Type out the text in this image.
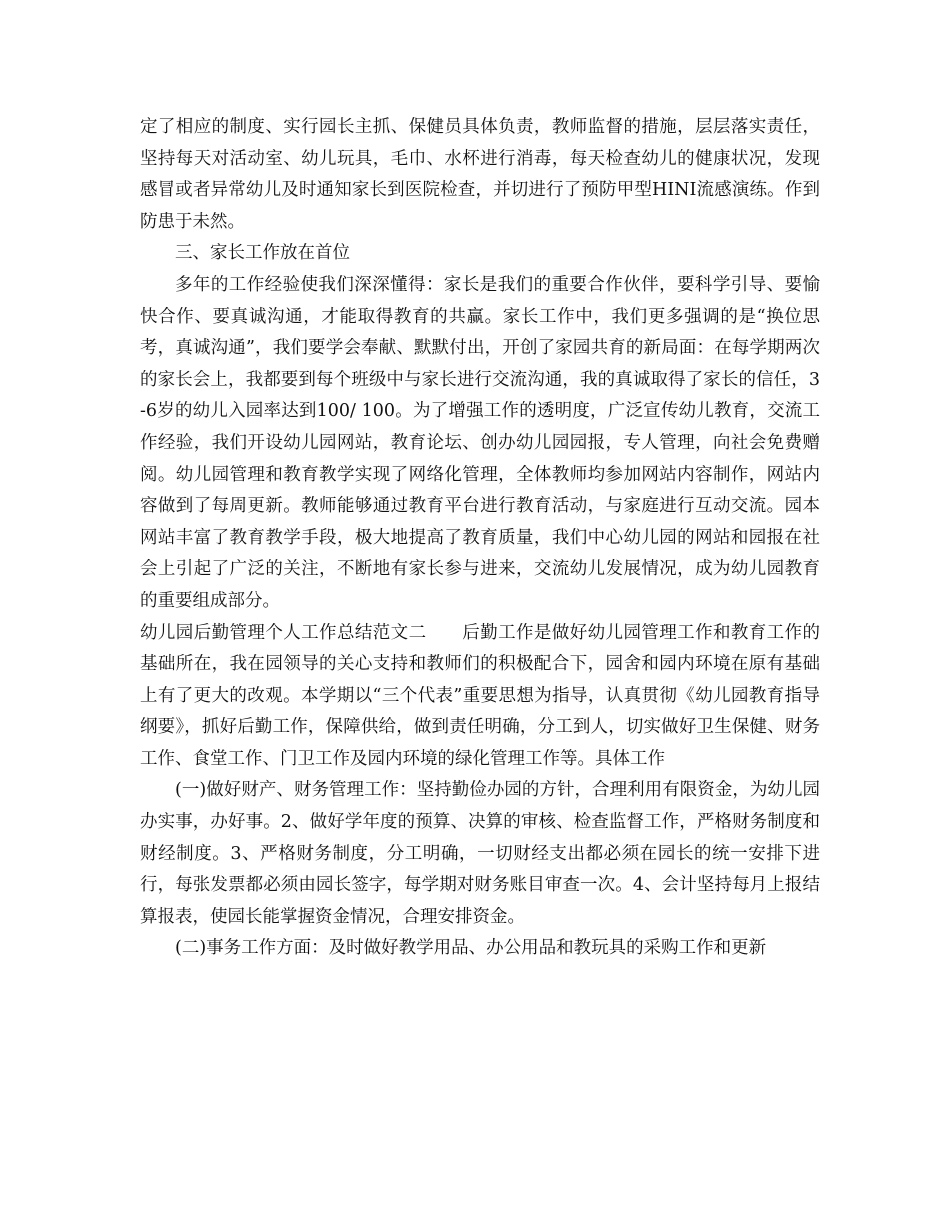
定了相应的制度、实行园长主抓、保健员具体负责，教师监督的措施，层层落实责任，坚持每天对活动室、幼儿玩具，毛巾、水杯进行消毒，每天检查幼儿的健康状况，发现感冒或者异常幼儿及时通知家长到医院检查，并切进行了预防甲型HINI流感演练。作到防患于未然。

三、家长工作放在首位

多年的工作经验使我们深深懂得：家长是我们的重要合作伙伴，要科学引导、要愉快合作、要真诚沟通，才能取得教育的共赢。家长工作中，我们更多强调的是“换位思考，真诚沟通”，我们要学会奉献、默默付出，开创了家园共育的新局面：在每学期两次的家长会上，我都要到每个班级中与家长进行交流沟通，我的真诚取得了家长的信任，3-6岁的幼儿入园率达到100/ 100。为了增强工作的透明度，广泛宣传幼儿教育，交流工作经验，我们开设幼儿园网站，教育论坛、创办幼儿园园报，专人管理，向社会免费赠阅。幼儿园管理和教育教学实现了网络化管理，全体教师均参加网站内容制作，网站内容做到了每周更新。教师能够通过教育平台进行教育活动，与家庭进行互动交流。园本网站丰富了教育教学手段，极大地提高了教育质量，我们中心幼儿园的网站和园报在社会上引起了广泛的关注，不断地有家长参与进来，交流幼儿发展情况，成为幼儿园教育的重要组成部分。

幼儿园后勤管理个人工作总结范文二　　后勤工作是做好幼儿园管理工作和教育工作的基础所在，我在园领导的关心支持和教师们的积极配合下，园舍和园内环境在原有基础上有了更大的改观。本学期以“三个代表”重要思想为指导，认真贯彻《幼儿园教育指导纲要》，抓好后勤工作，保障供给，做到责任明确，分工到人，切实做好卫生保健、财务工作、食堂工作、门卫工作及园内环境的绿化管理工作等。具体工作

(一)做好财产、财务管理工作：坚持勤俭办园的方针，合理利用有限资金，为幼儿园办实事，办好事。2、做好学年度的预算、决算的审核、检查监督工作，严格财务制度和财经制度。3、严格财务制度，分工明确，一切财经支出都必须在园长的统一安排下进行，每张发票都必须由园长签字，每学期对财务账目审查一次。4、会计坚持每月上报结算报表，使园长能掌握资金情况，合理安排资金。

(二)事务工作方面：及时做好教学用品、办公用品和教玩具的采购工作和更新
